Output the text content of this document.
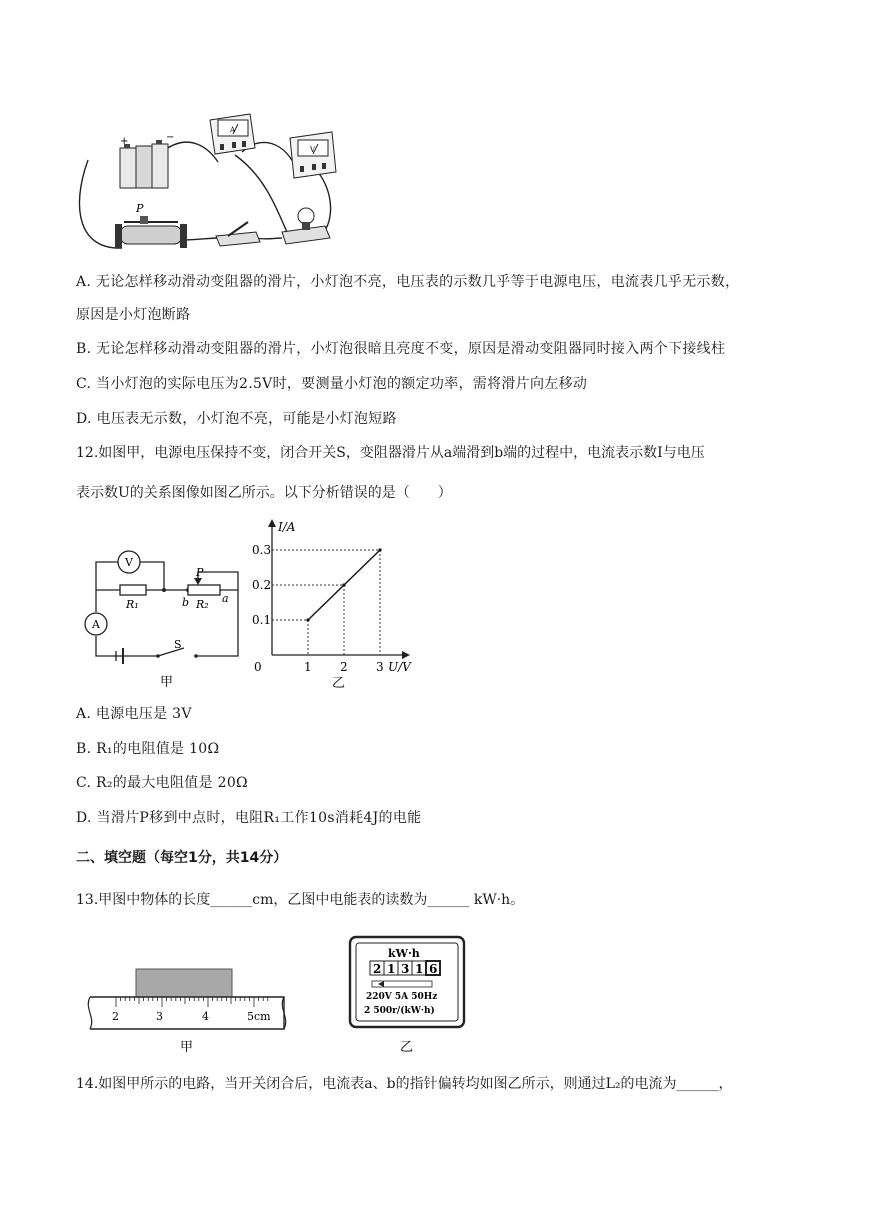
+	−
A
V
P
A. 无论怎样移动滑动变阻器的滑片，小灯泡不亮，电压表的示数几乎等于电源电压，电流表几乎无示数，
原因是小灯泡断路
B. 无论怎样移动滑动变阻器的滑片，小灯泡很暗且亮度不变，原因是滑动变阻器同时接入两个下接线柱
C. 当小灯泡的实际电压为2.5V时，要测量小灯泡的额定功率，需将滑片向左移动
D. 电压表无示数，小灯泡不亮，可能是小灯泡短路
12.如图甲，电源电压保持不变，闭合开关S，变阻器滑片从a端滑到b端的过程中，电流表示数I与电压
表示数U的关系图像如图乙所示。以下分析错误的是（　　）
V
A
R₁
P
b R₂ a
S
甲
I/A
U/V
0	1 2 3
0.1
0.2
0.3
乙
A. 电源电压是 3V
B. R₁的电阻值是 10Ω
C. R₂的最大电阻值是 20Ω
D. 当滑片P移到中点时，电阻R₁工作10s消耗4J的电能
二、填空题（每空1分，共14分）
13.甲图中物体的长度______cm，乙图中电能表的读数为______ kW·h。
2	3	4	5cm
甲
kW·h
2 1 3 1 6
220V 5A 50Hz
2 500r/(kW·h)
乙
14.如图甲所示的电路，当开关闭合后，电流表a、b的指针偏转均如图乙所示，则通过L₂的电流为______，
